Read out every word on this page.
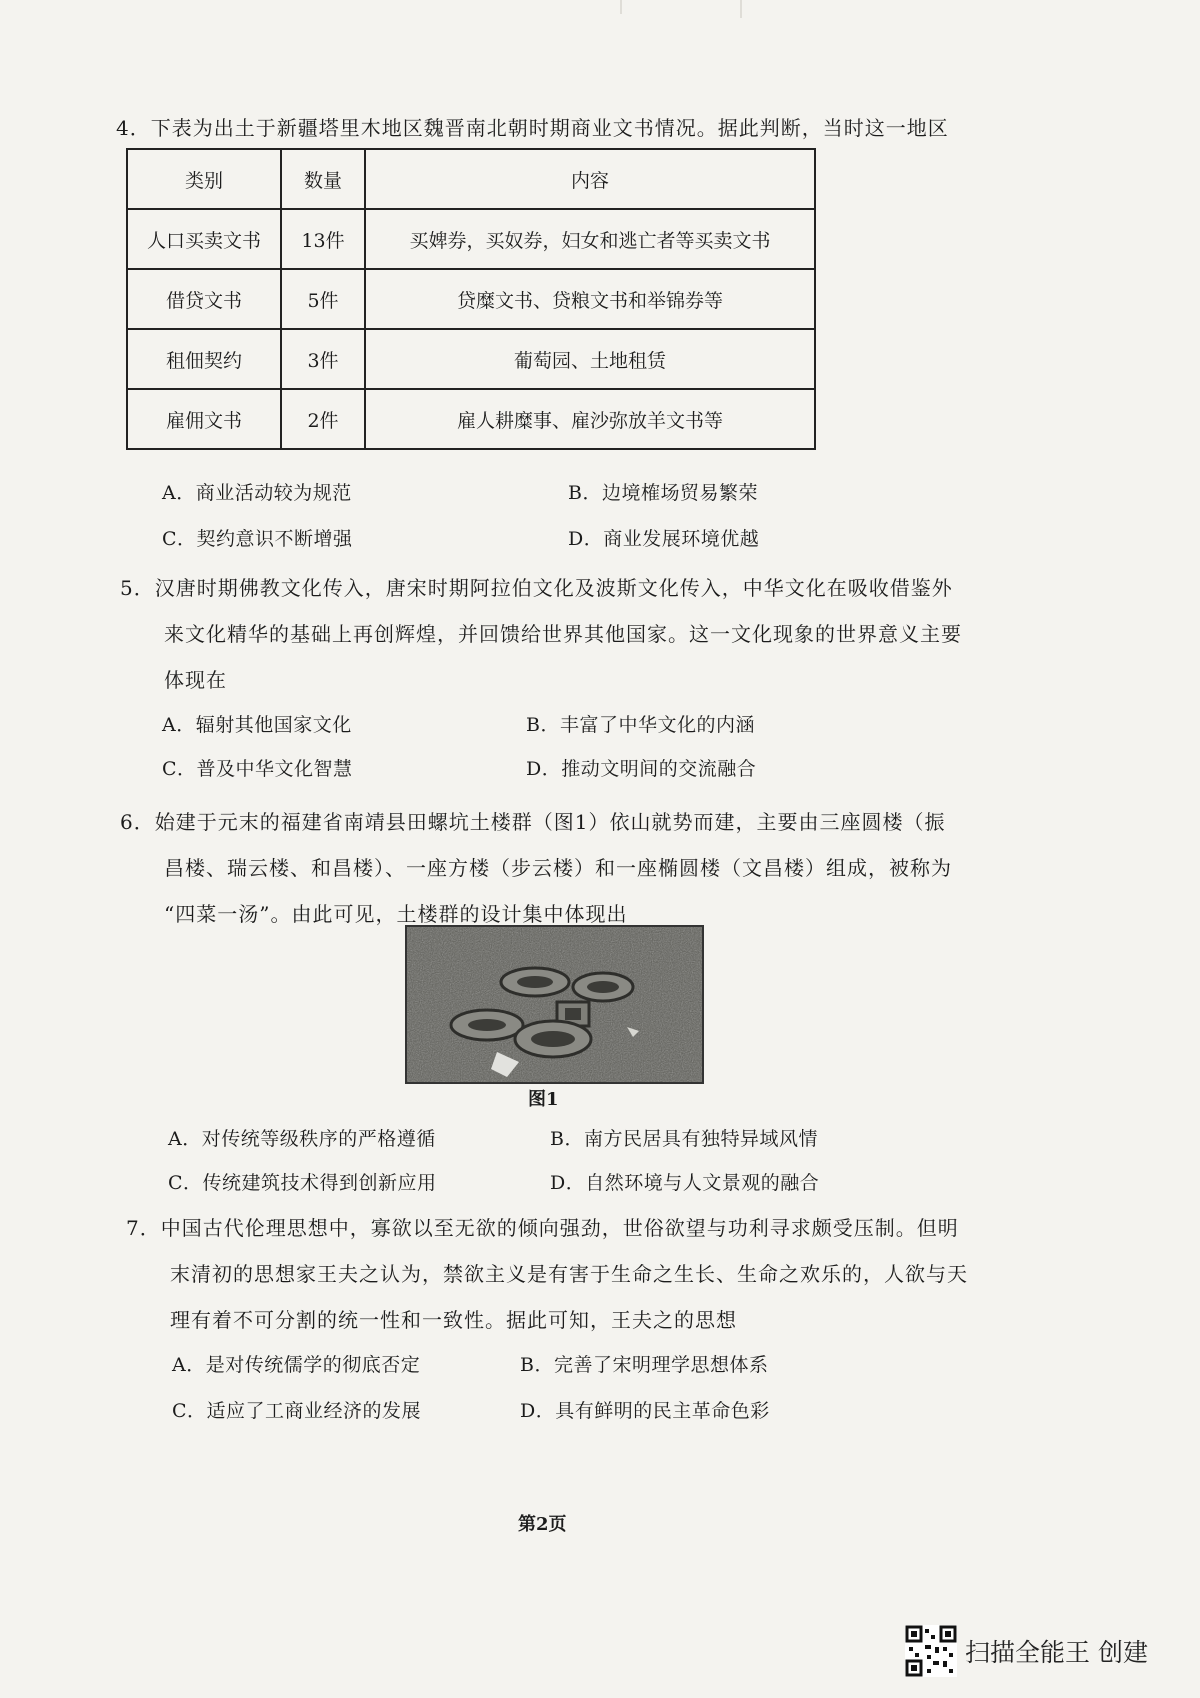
4．下表为出土于新疆塔里木地区魏晋南北朝时期商业文书情况。据此判断，当时这一地区
类别	数量	内容
人口买卖文书	13件	买婢券，买奴券，妇女和逃亡者等买卖文书
借贷文书	5件	贷糜文书、贷粮文书和举锦券等
租佃契约	3件	葡萄园、土地租赁
雇佣文书	2件	雇人耕糜事、雇沙弥放羊文书等
A．商业活动较为规范	B．边境榷场贸易繁荣
C．契约意识不断增强	D．商业发展环境优越
5．汉唐时期佛教文化传入，唐宋时期阿拉伯文化及波斯文化传入，中华文化在吸收借鉴外
来文化精华的基础上再创辉煌，并回馈给世界其他国家。这一文化现象的世界意义主要
体现在
A．辐射其他国家文化	B．丰富了中华文化的内涵
C．普及中华文化智慧	D．推动文明间的交流融合
6．始建于元末的福建省南靖县田螺坑土楼群（图1）依山就势而建，主要由三座圆楼（振
昌楼、瑞云楼、和昌楼）、一座方楼（步云楼）和一座椭圆楼（文昌楼）组成，被称为
“四菜一汤”。由此可见，土楼群的设计集中体现出
图1
A．对传统等级秩序的严格遵循	B．南方民居具有独特异域风情
C．传统建筑技术得到创新应用	D．自然环境与人文景观的融合
7．中国古代伦理思想中，寡欲以至无欲的倾向强劲，世俗欲望与功利寻求颇受压制。但明
末清初的思想家王夫之认为，禁欲主义是有害于生命之生长、生命之欢乐的，人欲与天
理有着不可分割的统一性和一致性。据此可知，王夫之的思想
A．是对传统儒学的彻底否定	B．完善了宋明理学思想体系
C．适应了工商业经济的发展	D．具有鲜明的民主革命色彩
第2页
扫描全能王 创建
